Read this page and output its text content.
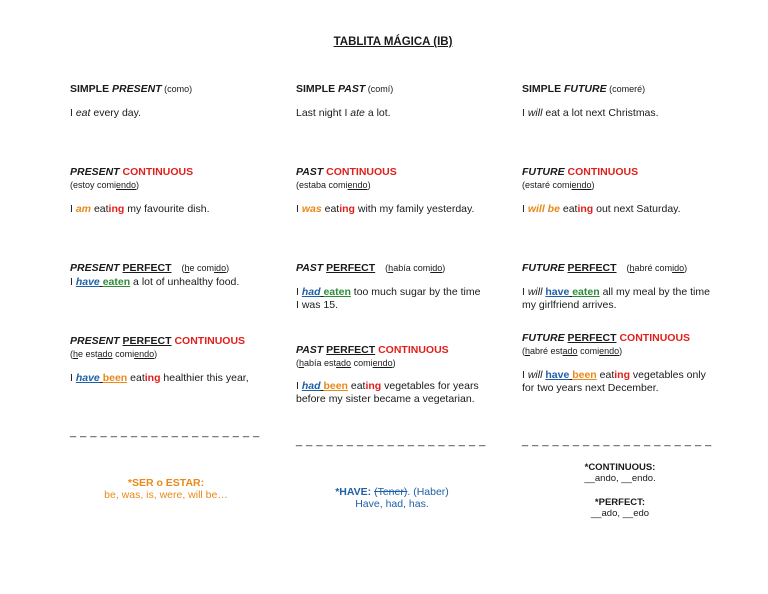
TABLITA MÁGICA (IB)
SIMPLE PRESENT (como)
I eat every day.
SIMPLE PAST (comí)
Last night I ate a lot.
SIMPLE FUTURE (comeré)
I will eat a lot next Christmas.
PRESENT CONTINUOUS
(estoy comiendo)
I am eating my favourite dish.
PAST CONTINUOUS
(estaba comiendo)
I was eating with my family yesterday.
FUTURE CONTINUOUS
(estaré comiendo)
I will be eating out next Saturday.
PRESENT PERFECT (he comido)
I have eaten a lot of unhealthy food.
PAST PERFECT (había comido)
I had eaten too much sugar by the time
I was 15.
FUTURE PERFECT (habré comido)
I will have eaten all my meal by the time
my girlfriend arrives.
PRESENT PERFECT CONTINUOUS
(he estado comiendo)
I have been eating healthier this year,
PAST PERFECT CONTINUOUS
(había estado comiendo)
I had been eating vegetables for years
before my sister became a vegetarian.
FUTURE PERFECT CONTINUOUS
(habré estado comiendo)
I will have been eating vegetables only
for two years next December.
_ _ _ _ _ _ _ _ _ _ _ _ _ _ _ _ _ _ _
_ _ _ _ _ _ _ _ _ _ _ _ _ _ _ _ _ _ _	_ _ _ _ _ _ _ _ _ _ _ _ _ _ _ _ _ _ _
*SER o ESTAR:
be, was, is, were, will be…	*HAVE: (Tener). (Haber)
Have, had, has.
*CONTINUOUS:
__ando, __endo.
*PERFECT:
__ado, __edo
